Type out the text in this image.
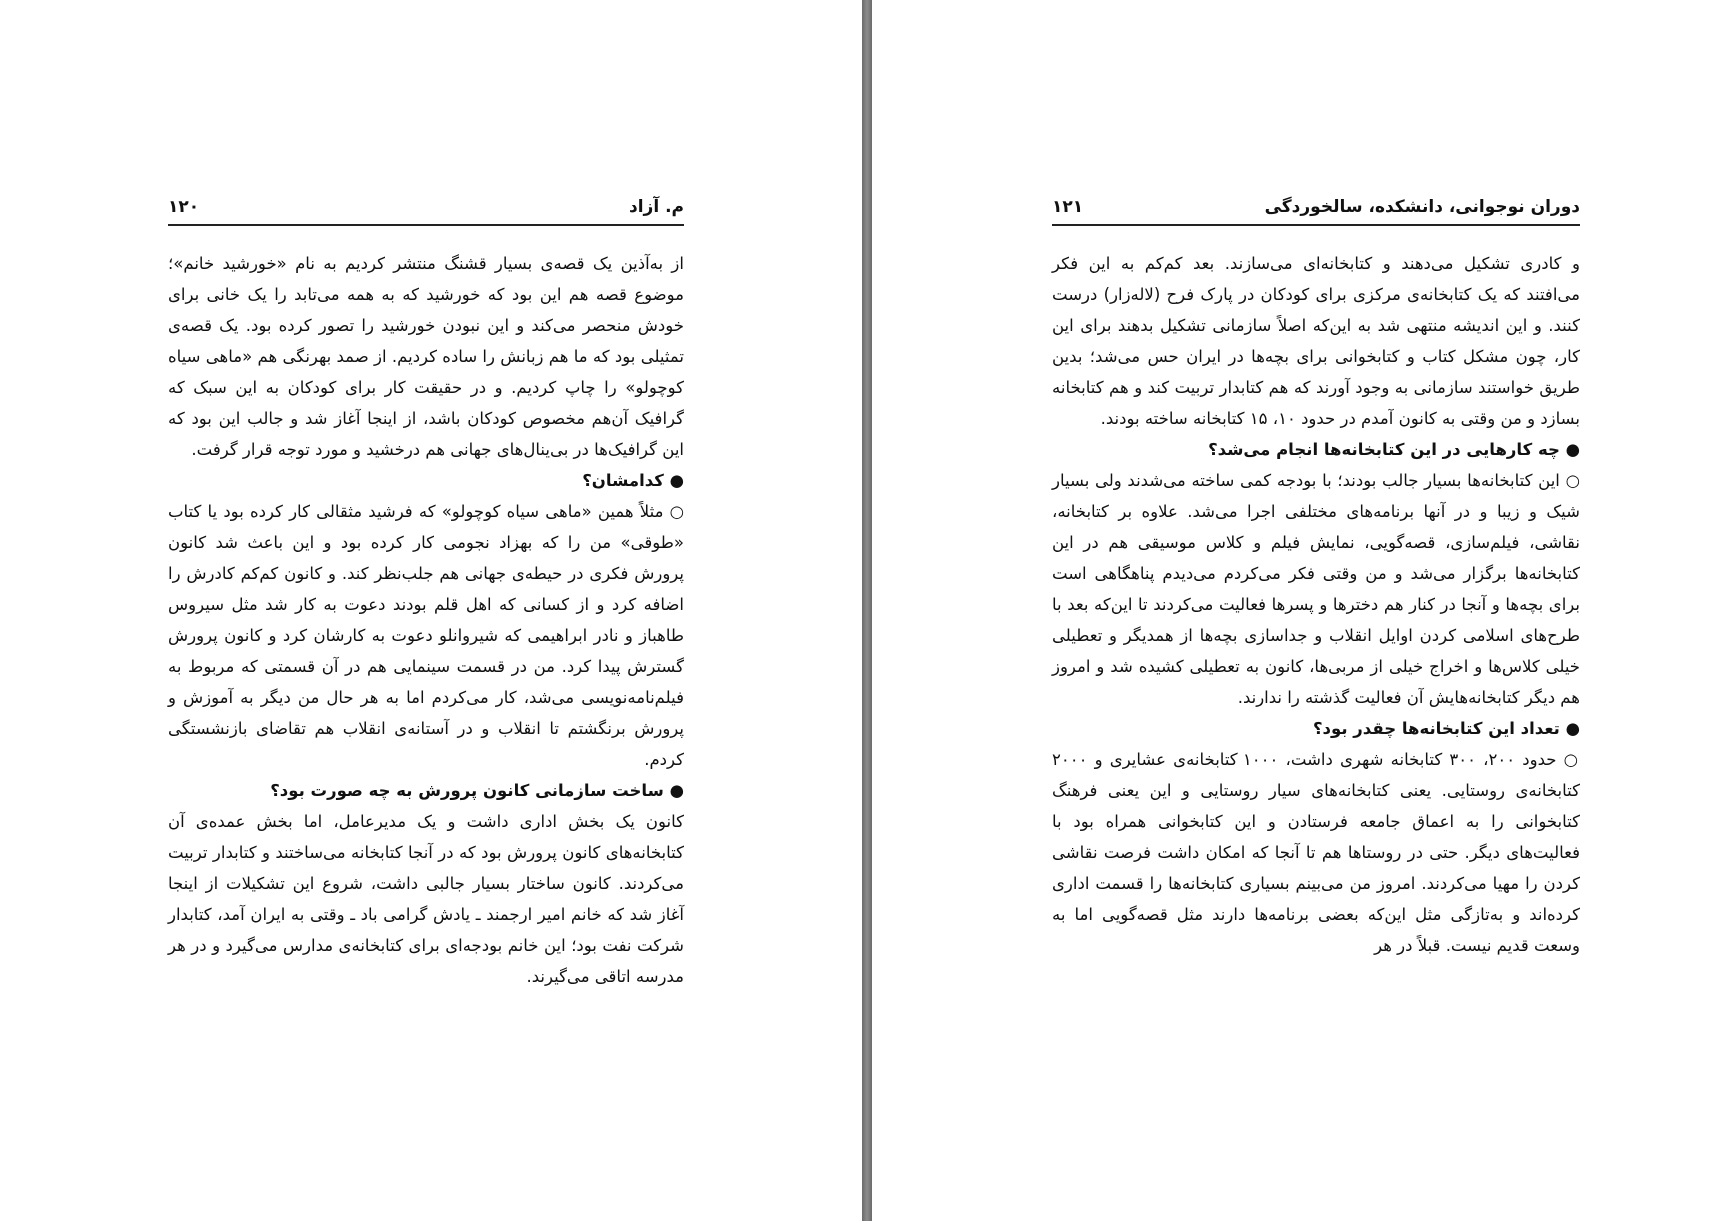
م. آزاد
۱۲۰

از به‌آذین یک قصه‌ی بسیار قشنگ منتشر کردیم به نام «خورشید خانم»؛ موضوع قصه هم این بود که خورشید که به همه می‌تابد را یک خانی برای خودش منحصر می‌کند و این نبودن خورشید را تصور کرده بود. یک قصه‌ی تمثیلی بود که ما هم زبانش را ساده کردیم. از صمد بهرنگی هم «ماهی سیاه کوچولو» را چاپ کردیم. و در حقیقت کار برای کودکان به این سبک که گرافیک آن‌هم مخصوص کودکان باشد، از اینجا آغاز شد و جالب این بود که این گرافیک‌ها در بی‌ینال‌های جهانی هم درخشید و مورد توجه قرار گرفت.

● کدامشان؟

○ مثلاً همین «ماهی سیاه کوچولو» که فرشید مثقالی کار کرده بود یا کتاب «طوقی» من را که بهزاد نجومی کار کرده بود و این باعث شد کانون پرورش فکری در حیطه‌ی جهانی هم جلب‌نظر کند. و کانون کم‌کم کادرش را اضافه کرد و از کسانی که اهل قلم بودند دعوت به کار شد مثل سیروس طاهباز و نادر ابراهیمی که شیروانلو دعوت به کارشان کرد و کانون پرورش گسترش پیدا کرد. من در قسمت سینمایی هم در آن قسمتی که مربوط به فیلم‌نامه‌نویسی می‌شد، کار می‌کردم اما به هر حال من دیگر به آموزش و پرورش برنگشتم تا انقلاب و در آستانه‌ی انقلاب هم تقاضای بازنشستگی کردم.

● ساخت سازمانی کانون پرورش به چه صورت بود؟

کانون یک بخش اداری داشت و یک مدیرعامل، اما بخش عمده‌ی آن کتابخانه‌های کانون پرورش بود که در آنجا کتابخانه می‌ساختند و کتابدار تربیت می‌کردند. کانون ساختار بسیار جالبی داشت، شروع این تشکیلات از اینجا آغاز شد که خانم امیر ارجمند ـ یادش گرامی باد ـ وقتی به ایران آمد، کتابدار شرکت نفت بود؛ این خانم بودجه‌ای برای کتابخانه‌ی مدارس می‌گیرد و در هر مدرسه اتاقی می‌گیرند.

دوران نوجوانی، دانشکده، سالخوردگی
۱۲۱

و کادری تشکیل می‌دهند و کتابخانه‌ای می‌سازند. بعد کم‌کم به این فکر می‌افتند که یک کتابخانه‌ی مرکزی برای کودکان در پارک فرح (لاله‌زار) درست کنند. و این اندیشه منتهی شد به این‌که اصلاً سازمانی تشکیل بدهند برای این کار، چون مشکل کتاب و کتابخوانی برای بچه‌ها در ایران حس می‌شد؛ بدین طریق خواستند سازمانی به وجود آورند که هم کتابدار تربیت کند و هم کتابخانه بسازد و من وقتی به کانون آمدم در حدود ۱۰، ۱۵ کتابخانه ساخته بودند.

● چه کارهایی در این کتابخانه‌ها انجام می‌شد؟

○ این کتابخانه‌ها بسیار جالب بودند؛ با بودجه کمی ساخته می‌شدند ولی بسیار شیک و زیبا و در آنها برنامه‌های مختلفی اجرا می‌شد. علاوه بر کتابخانه، نقاشی، فیلم‌سازی، قصه‌گویی، نمایش فیلم و کلاس موسیقی هم در این کتابخانه‌ها برگزار می‌شد و من وقتی فکر می‌کردم می‌دیدم پناهگاهی است برای بچه‌ها و آنجا در کنار هم دخترها و پسرها فعالیت می‌کردند تا این‌که بعد با طرح‌های اسلامی کردن اوایل انقلاب و جداسازی بچه‌ها از همدیگر و تعطیلی خیلی کلاس‌ها و اخراج خیلی از مربی‌ها، کانون به تعطیلی کشیده شد و امروز هم دیگر کتابخانه‌هایش آن فعالیت گذشته را ندارند.

● تعداد این کتابخانه‌ها چقدر بود؟

○ حدود ۲۰۰، ۳۰۰ کتابخانه شهری داشت، ۱۰۰۰ کتابخانه‌ی عشایری و ۲۰۰۰ کتابخانه‌ی روستایی. یعنی کتابخانه‌های سیار روستایی و این یعنی فرهنگ کتابخوانی را به اعماق جامعه فرستادن و این کتابخوانی همراه بود با فعالیت‌های دیگر. حتی در روستاها هم تا آنجا که امکان داشت فرصت نقاشی کردن را مهیا می‌کردند. امروز من می‌بینم بسیاری کتابخانه‌ها را قسمت اداری کرده‌اند و به‌تازگی مثل این‌که بعضی برنامه‌ها دارند مثل قصه‌گویی اما به وسعت قدیم نیست. قبلاً در هر
